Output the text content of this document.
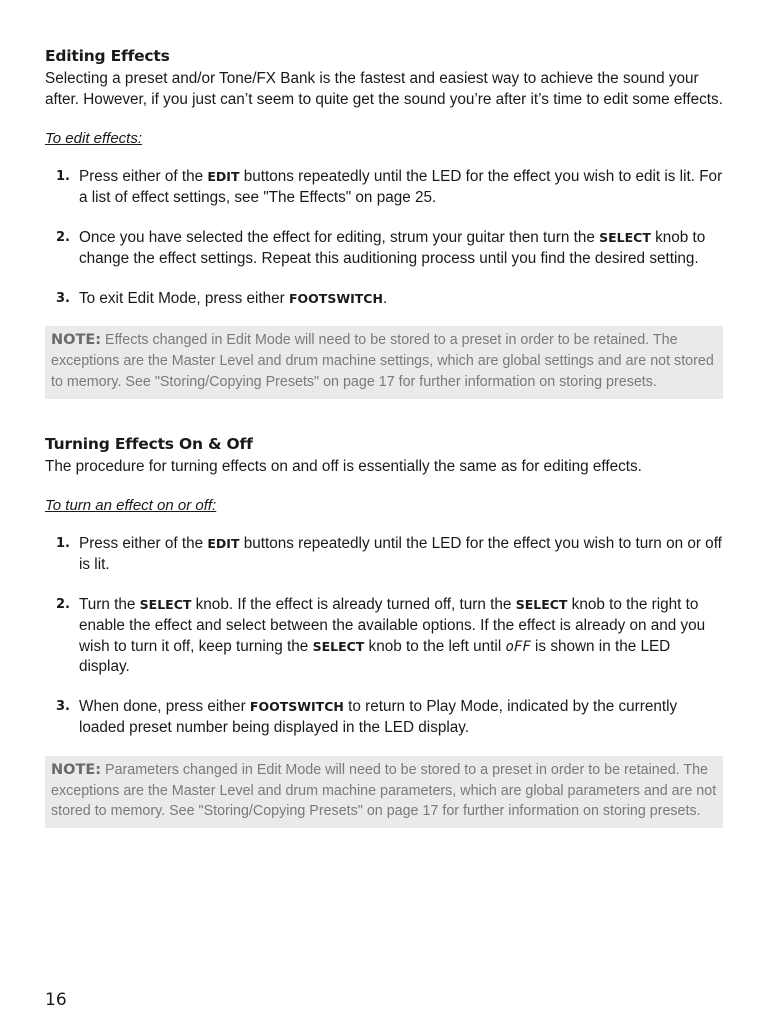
Editing Effects

Selecting a preset and/or Tone/FX Bank is the fastest and easiest way to achieve the sound your after. However, if you just can’t seem to quite get the sound you’re after it’s time to edit some effects.

To edit effects:

1. Press either of the EDIT buttons repeatedly until the LED for the effect you wish to edit is lit. For a list of effect settings, see "The Effects" on page 25.
2. Once you have selected the effect for editing, strum your guitar then turn the SELECT knob to change the effect settings. Repeat this auditioning process until you find the desired setting.
3. To exit Edit Mode, press either FOOTSWITCH.
NOTE: Effects changed in Edit Mode will need to be stored to a preset in order to be retained. The exceptions are the Master Level and drum machine settings, which are global settings and are not stored to memory. See "Storing/Copying Presets" on page 17 for further information on storing presets.
Turning Effects On & Off

The procedure for turning effects on and off is essentially the same as for editing effects.

To turn an effect on or off:

1. Press either of the EDIT buttons repeatedly until the LED for the effect you wish to turn on or off is lit.
2. Turn the SELECT knob. If the effect is already turned off, turn the SELECT knob to the right to enable the effect and select between the available options. If the effect is already on and you wish to turn it off, keep turning the SELECT knob to the left until oFF is shown in the LED display.
3. When done, press either FOOTSWITCH to return to Play Mode, indicated by the currently loaded preset number being displayed in the LED display.
NOTE: Parameters changed in Edit Mode will need to be stored to a preset in order to be retained. The exceptions are the Master Level and drum machine parameters, which are global parameters and are not stored to memory. See "Storing/Copying Presets" on page 17 for further information on storing presets.
16
